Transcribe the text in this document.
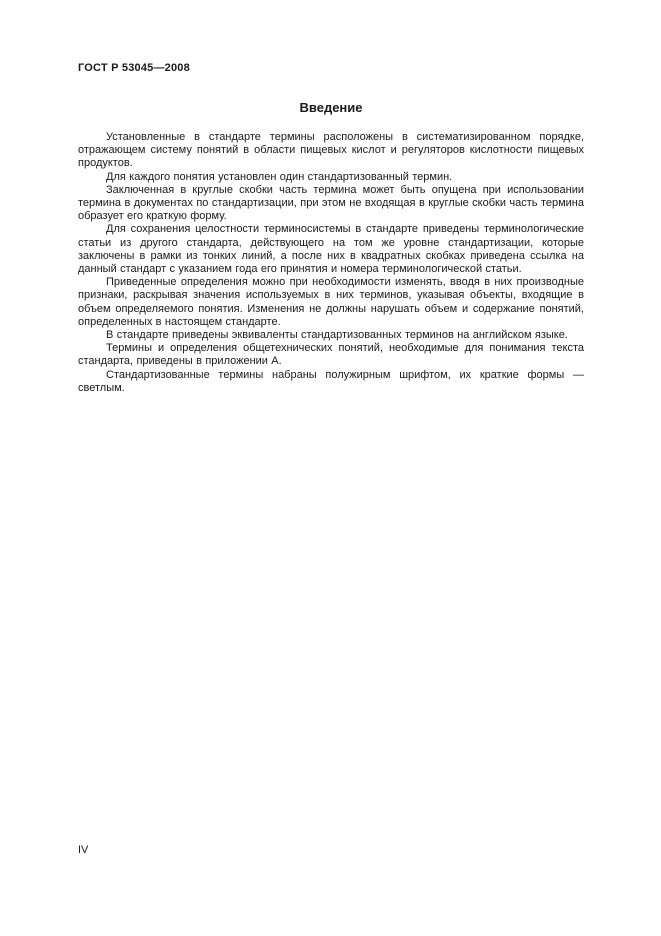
ГОСТ Р 53045—2008
Введение

Установленные в стандарте термины расположены в систематизированном порядке, отражающем систему понятий в области пищевых кислот и регуляторов кислотности пищевых продуктов.

Для каждого понятия установлен один стандартизованный термин.

Заключенная в круглые скобки часть термина может быть опущена при использовании термина в документах по стандартизации, при этом не входящая в круглые скобки часть термина образует его краткую форму.

Для сохранения целостности терминосистемы в стандарте приведены терминологические статьи из другого стандарта, действующего на том же уровне стандартизации, которые заключены в рамки из тонких линий, а после них в квадратных скобках приведена ссылка на данный стандарт с указанием года его принятия и номера терминологической статьи.

Приведенные определения можно при необходимости изменять, вводя в них производные признаки, раскрывая значения используемых в них терминов, указывая объекты, входящие в объем определяемого понятия. Изменения не должны нарушать объем и содержание понятий, определенных в настоящем стандарте.

В стандарте приведены эквиваленты стандартизованных терминов на английском языке.

Термины и определения общетехнических понятий, необходимые для понимания текста стандарта, приведены в приложении А.

Стандартизованные термины набраны полужирным шрифтом, их краткие формы — светлым.

IV
